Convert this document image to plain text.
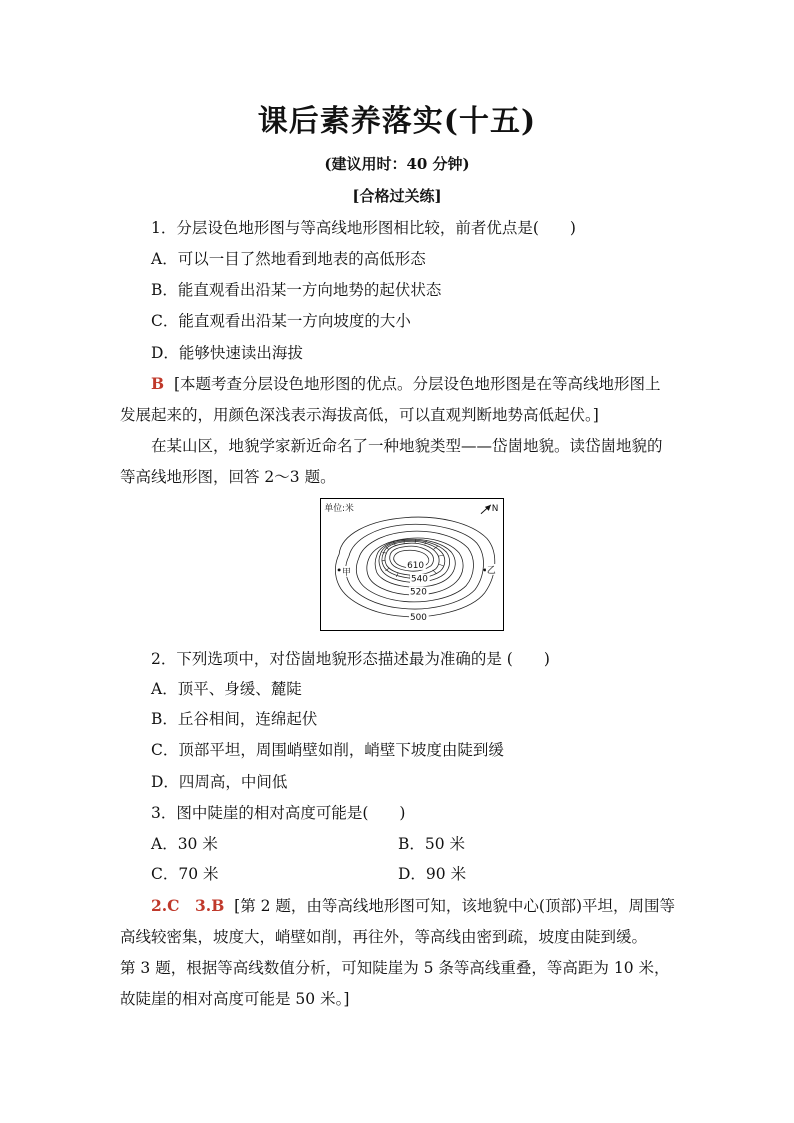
课后素养落实(十五)
(建议用时：40 分钟)
[合格过关练]
1．分层设色地形图与等高线地形图相比较，前者优点是(　　)
A．可以一目了然地看到地表的高低形态
B．能直观看出沿某一方向地势的起伏状态
C．能直观看出沿某一方向坡度的大小
D．能够快速读出海拔
B [本题考查分层设色地形图的优点。分层设色地形图是在等高线地形图上
发展起来的，用颜色深浅表示海拔高低，可以直观判断地势高低起伏。]
在某山区，地貌学家新近命名了一种地貌类型——岱崮地貌。读岱崮地貌的
等高线地形图，回答 2～3 题。
单位:米	N
610
540
520
500
甲	乙
2．下列选项中，对岱崮地貌形态描述最为准确的是 (　　)
A．顶平、身缓、麓陡
B．丘谷相间，连绵起伏
C．顶部平坦，周围峭壁如削，峭壁下坡度由陡到缓
D．四周高，中间低
3．图中陡崖的相对高度可能是(　　)
A．30 米	B．50 米
C．70 米	D．90 米
2.C　3.B [第 2 题，由等高线地形图可知，该地貌中心(顶部)平坦，周围等
高线较密集，坡度大，峭壁如削，再往外，等高线由密到疏，坡度由陡到缓。
第 3 题，根据等高线数值分析，可知陡崖为 5 条等高线重叠，等高距为 10 米，
故陡崖的相对高度可能是 50 米。]
